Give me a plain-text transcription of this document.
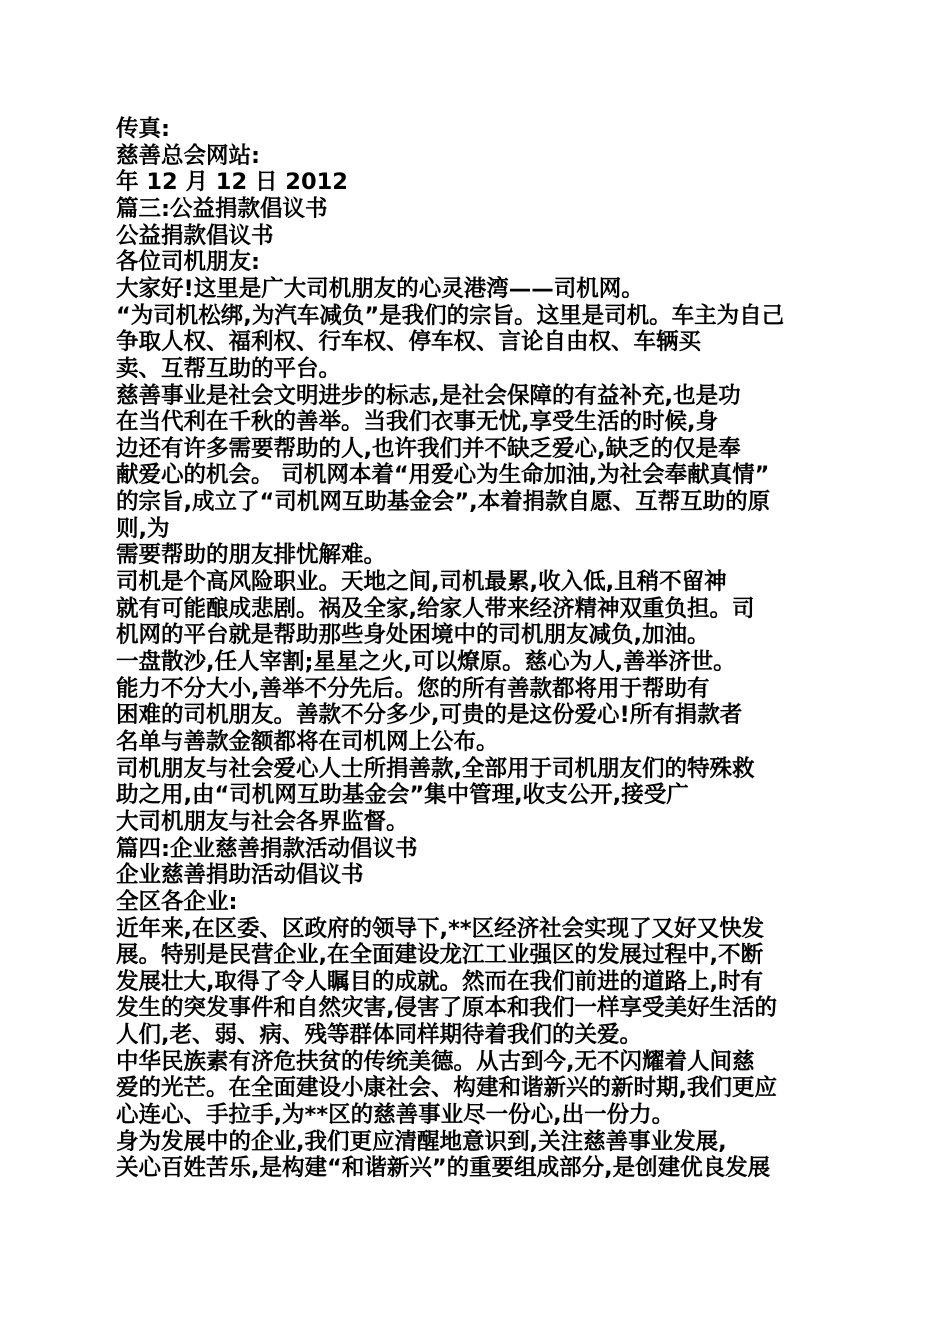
传真:

慈善总会网站:

年 12 月 12 日 2012

篇三:公益捐款倡议书

公益捐款倡议书

各位司机朋友:

大家好!这里是广大司机朋友的心灵港湾——司机网。

“为司机松绑,为汽车减负”是我们的宗旨。这里是司机。车主为自己

争取人权、福利权、行车权、停车权、言论自由权、车辆买

卖、互帮互助的平台。

慈善事业是社会文明进步的标志,是社会保障的有益补充,也是功

在当代利在千秋的善举。当我们衣事无忧,享受生活的时候,身

边还有许多需要帮助的人,也许我们并不缺乏爱心,缺乏的仅是奉

献爱心的机会。 司机网本着“用爱心为生命加油,为社会奉献真情”

的宗旨,成立了“司机网互助基金会”,本着捐款自愿、互帮互助的原

则,为

需要帮助的朋友排忧解难。

司机是个高风险职业。天地之间,司机最累,收入低,且稍不留神

就有可能酿成悲剧。祸及全家,给家人带来经济精神双重负担。司

机网的平台就是帮助那些身处困境中的司机朋友减负,加油。

一盘散沙,任人宰割;星星之火,可以燎原。慈心为人,善举济世。

能力不分大小,善举不分先后。您的所有善款都将用于帮助有

困难的司机朋友。善款不分多少,可贵的是这份爱心!所有捐款者

名单与善款金额都将在司机网上公布。

司机朋友与社会爱心人士所捐善款,全部用于司机朋友们的特殊救

助之用,由“司机网互助基金会”集中管理,收支公开,接受广

大司机朋友与社会各界监督。

篇四:企业慈善捐款活动倡议书

企业慈善捐助活动倡议书

全区各企业:

近年来,在区委、区政府的领导下,**区经济社会实现了又好又快发

展。特别是民营企业,在全面建设龙江工业强区的发展过程中,不断

发展壮大,取得了令人瞩目的成就。然而在我们前进的道路上,时有

发生的突发事件和自然灾害,侵害了原本和我们一样享受美好生活的

人们,老、弱、病、残等群体同样期待着我们的关爱。

中华民族素有济危扶贫的传统美德。从古到今,无不闪耀着人间慈

爱的光芒。在全面建设小康社会、构建和谐新兴的新时期,我们更应

心连心、手拉手,为**区的慈善事业尽一份心,出一份力。

身为发展中的企业,我们更应清醒地意识到,关注慈善事业发展,

关心百姓苦乐,是构建“和谐新兴”的重要组成部分,是创建优良发展
